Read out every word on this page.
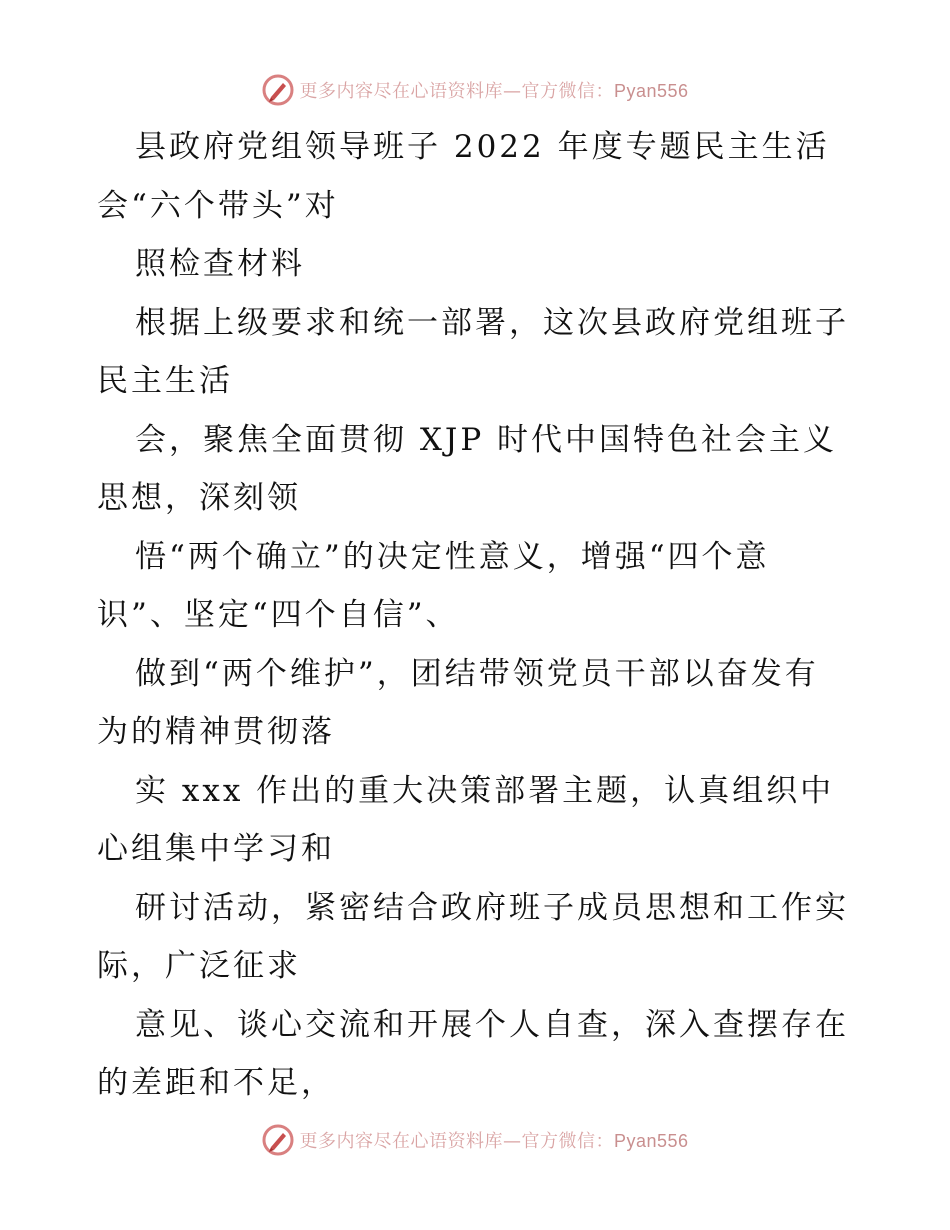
更多内容尽在心语资料库—官方微信：Pyan556
县政府党组领导班子 2022 年度专题民主生活
会“六个带头”对
照检查材料
根据上级要求和统一部署，这次县政府党组班子
民主生活
会，聚焦全面贯彻 XJP 时代中国特色社会主义
思想，深刻领
悟“两个确立”的决定性意义，增强“四个意
识”、坚定“四个自信”、
做到“两个维护”，团结带领党员干部以奋发有
为的精神贯彻落
实 xxx 作出的重大决策部署主题，认真组织中
心组集中学习和
研讨活动，紧密结合政府班子成员思想和工作实
际，广泛征求
意见、谈心交流和开展个人自查，深入查摆存在
的差距和不足，
更多内容尽在心语资料库—官方微信：Pyan556
